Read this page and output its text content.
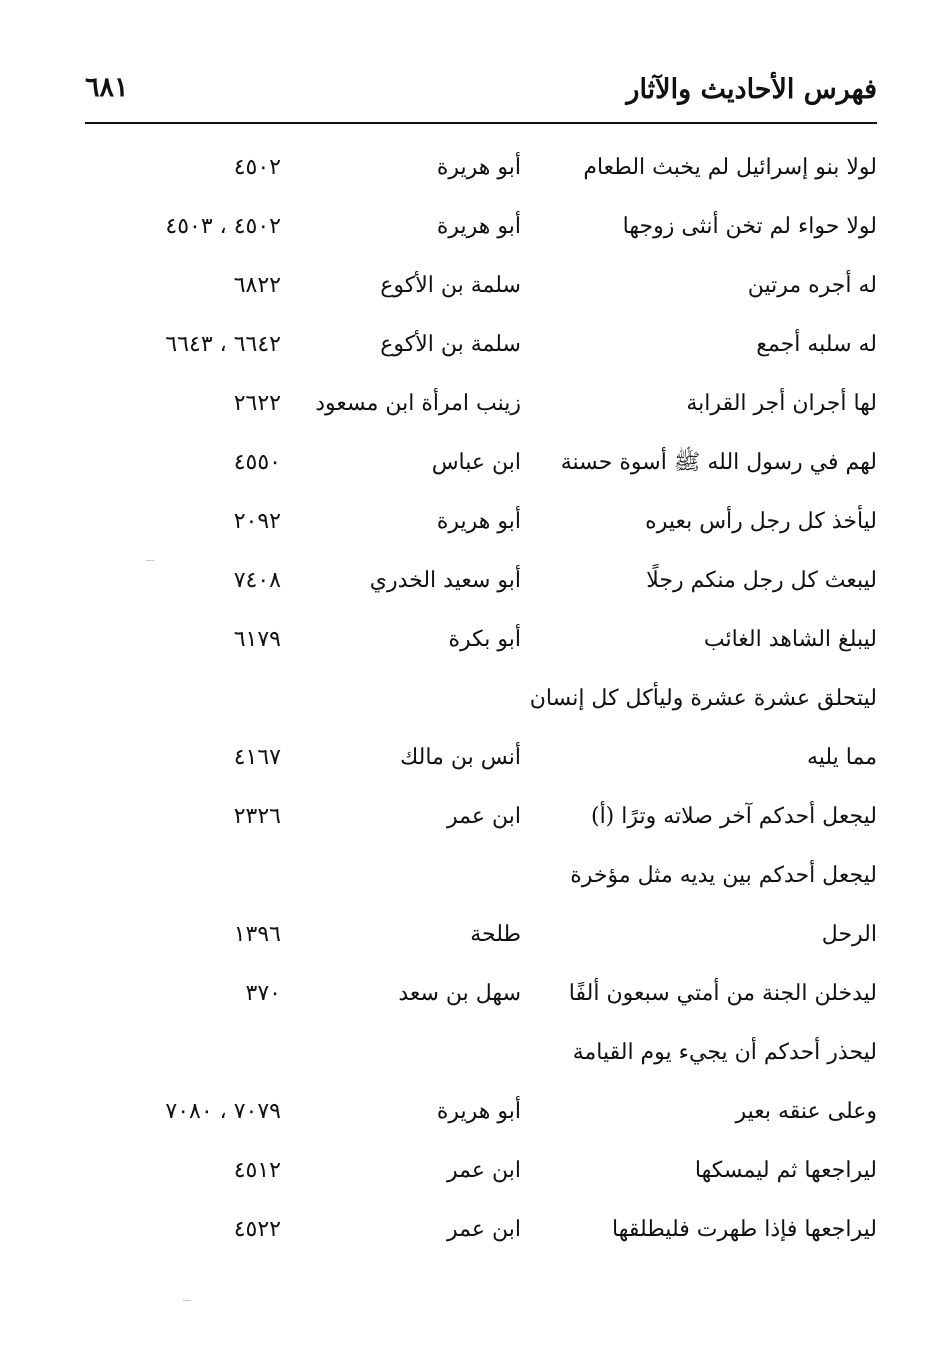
فهرس الأحاديث والآثار
٦٨١
لولا بنو إسرائيل لم يخبث الطعام
أبو هريرة
٤٥٠٢
لولا حواء لم تخن أنثى زوجها
أبو هريرة
٤٥٠٢ ، ٤٥٠٣
له أجره مرتين
سلمة بن الأكوع
٦٨٢٢
له سلبه أجمع
سلمة بن الأكوع
٦٦٤٢ ، ٦٦٤٣
لها أجران أجر القرابة
زينب امرأة ابن مسعود
٢٦٢٢
لهم في رسول الله ﷺ أسوة حسنة
ابن عباس
٤٥٥٠
ليأخذ كل رجل رأس بعيره
أبو هريرة
٢٠٩٢
ليبعث كل رجل منكم رجلًا
أبو سعيد الخدري
٧٤٠٨
ليبلغ الشاهد الغائب
أبو بكرة
٦١٧٩
ليتحلق عشرة عشرة وليأكل كل إنسان
مما يليه
أنس بن مالك
٤١٦٧
ليجعل أحدكم آخر صلاته وترًا (أ)
ابن عمر
٢٣٢٦
ليجعل أحدكم بين يديه مثل مؤخرة
الرحل
طلحة
١٣٩٦
ليدخلن الجنة من أمتي سبعون ألفًا
سهل بن سعد
٣٧٠
ليحذر أحدكم أن يجيء يوم القيامة
وعلى عنقه بعير
أبو هريرة
٧٠٧٩ ، ٧٠٨٠
ليراجعها ثم ليمسكها
ابن عمر
٤٥١٢
ليراجعها فإذا طهرت فليطلقها
ابن عمر
٤٥٢٢
